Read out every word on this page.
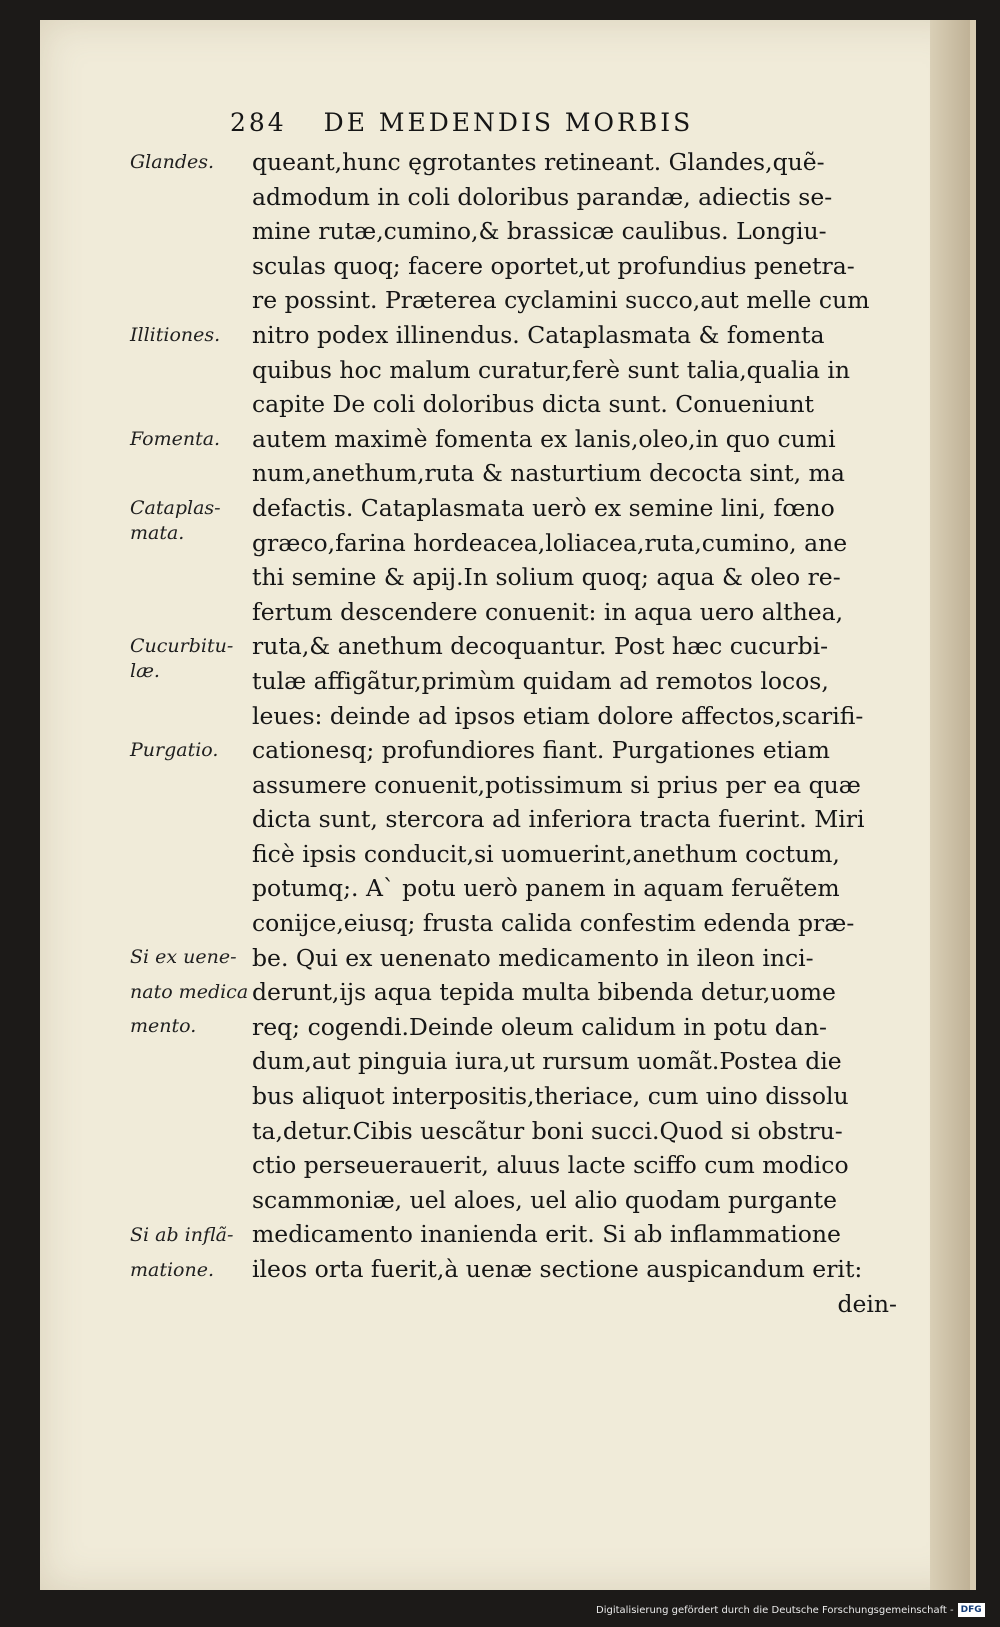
284 DE MEDENDIS MORBIS
Glandes.
Illitiones.
Fomenta.
Cataplas-
mata.
Cucurbitu-
læ.
Purgatio.
Si ex uene-
nato medica
mento.
Si ab inflã-
matione.
queant,hunc ęgrotantes retineant. Glandes,quẽ-
admodum in coli doloribus parandæ, adiectis se-
mine rutæ,cumino,& brassicæ caulibus. Longiu-
sculas quoq; facere oportet,ut profundius penetra-
re possint. Præterea cyclamini succo,aut melle cum
nitro podex illinendus. Cataplasmata & fomenta
quibus hoc malum curatur,ferè sunt talia,qualia in
capite De coli doloribus dicta sunt. Conueniunt
autem maximè fomenta ex lanis,oleo,in quo cumi
num,anethum,ruta & nasturtium decocta sint, ma
defactis. Cataplasmata uerò ex semine lini, fœno
græco,farina hordeacea,loliacea,ruta,cumino, ane
thi semine & apij.In solium quoq; aqua & oleo re-
fertum descendere conuenit: in aqua uero althea,
ruta,& anethum decoquantur. Post hæc cucurbi-
tulæ affigãtur,primùm quidam ad remotos locos,
leues: deinde ad ipsos etiam dolore affectos,scarifi-
cationesq; profundiores fiant. Purgationes etiam
assumere conuenit,potissimum si prius per ea quæ
dicta sunt, stercora ad inferiora tracta fuerint. Miri
ficè ipsis conducit,si uomuerint,anethum coctum,
potumq;. A` potu uerò panem in aquam feruẽtem
conijce,eiusq; frusta calida confestim edenda præ-
be. Qui ex uenenato medicamento in ileon inci-
derunt,ijs aqua tepida multa bibenda detur,uome
req; cogendi.Deinde oleum calidum in potu dan-
dum,aut pinguia iura,ut rursum uomãt.Postea die
bus aliquot interpositis,theriace, cum uino dissolu
ta,detur.Cibis uescãtur boni succi.Quod si obstru-
ctio perseuerauerit, aluus lacte sciffo cum modico
scammoniæ, uel aloes, uel alio quodam purgante
medicamento inanienda erit. Si ab inflammatione
ileos orta fuerit,à uenæ sectione auspicandum erit:
dein-
Digitalisierung gefördert durch die Deutsche Forschungsgemeinschaft - DFG
